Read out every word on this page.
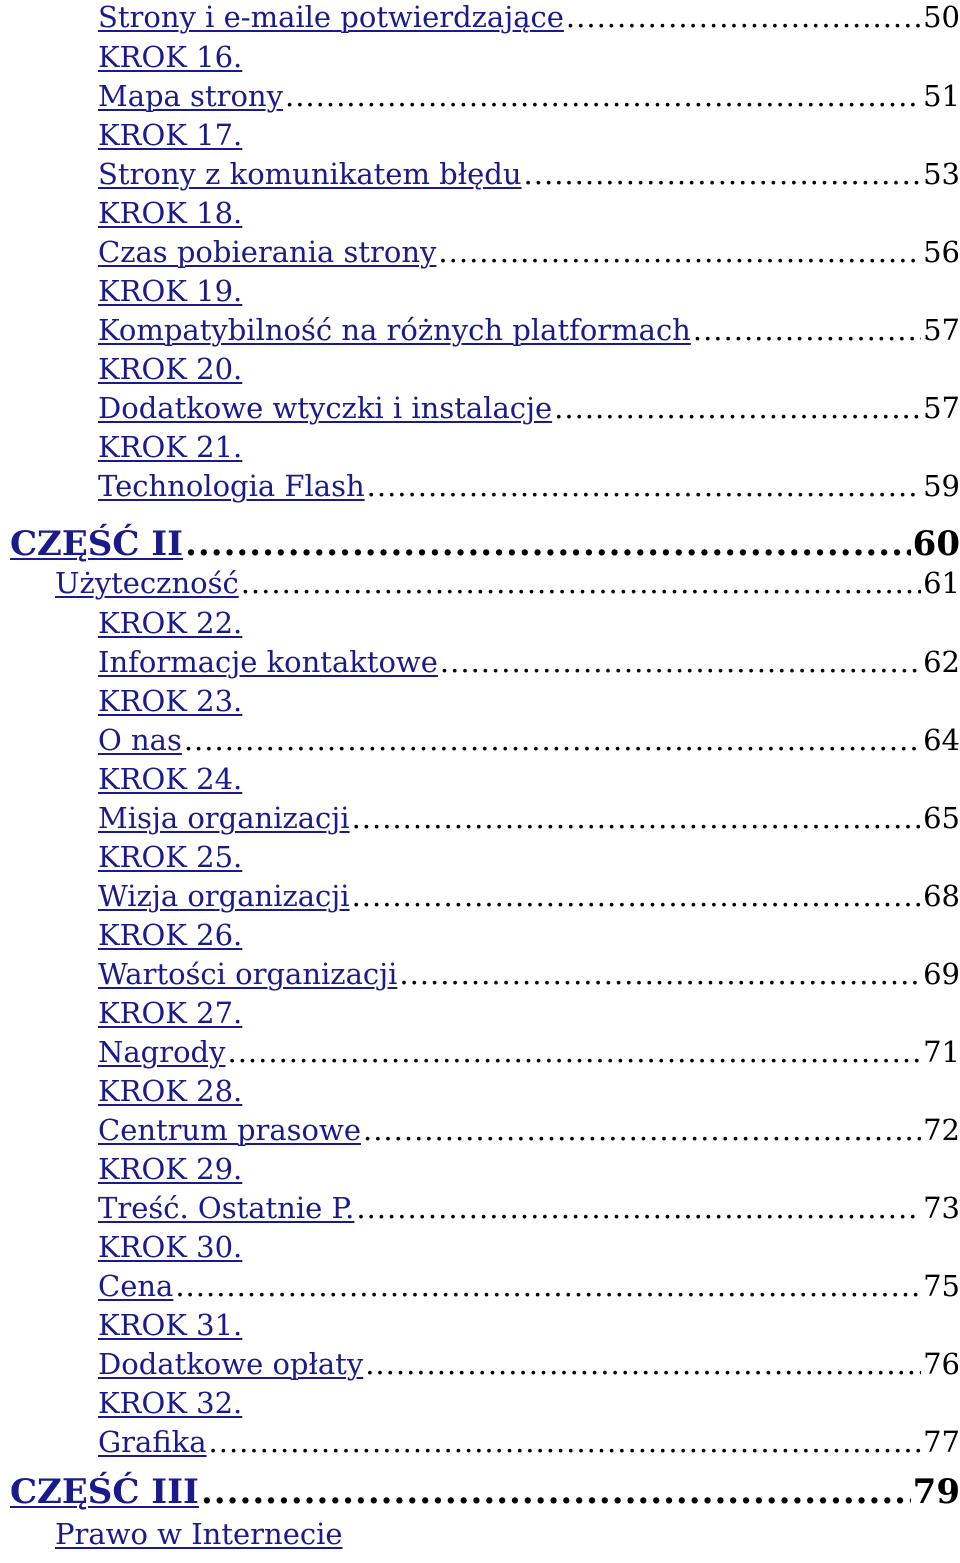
Strony i e-maile potwierdzające .....	50
KROK 16.
Mapa strony .....	51
KROK 17.
Strony z komunikatem błędu .....	53
KROK 18.
Czas pobierania strony .....	56
KROK 19.
Kompatybilność na różnych platformach .....	57
KROK 20.
Dodatkowe wtyczki i instalacje .....	57
KROK 21.
Technologia Flash .....	59
CZĘŚĆ II .....	60
Użyteczność .....	61
KROK 22.
Informacje kontaktowe .....	62
KROK 23.
O nas .....	64
KROK 24.
Misja organizacji .....	65
KROK 25.
Wizja organizacji .....	68
KROK 26.
Wartości organizacji .....	69
KROK 27.
Nagrody .....	71
KROK 28.
Centrum prasowe .....	72
KROK 29.
Treść. Ostatnie P. .....	73
KROK 30.
Cena .....	75
KROK 31.
Dodatkowe opłaty .....	76
KROK 32.
Grafika .....	77
CZĘŚĆ III .....	79
Prawo w Internecie
